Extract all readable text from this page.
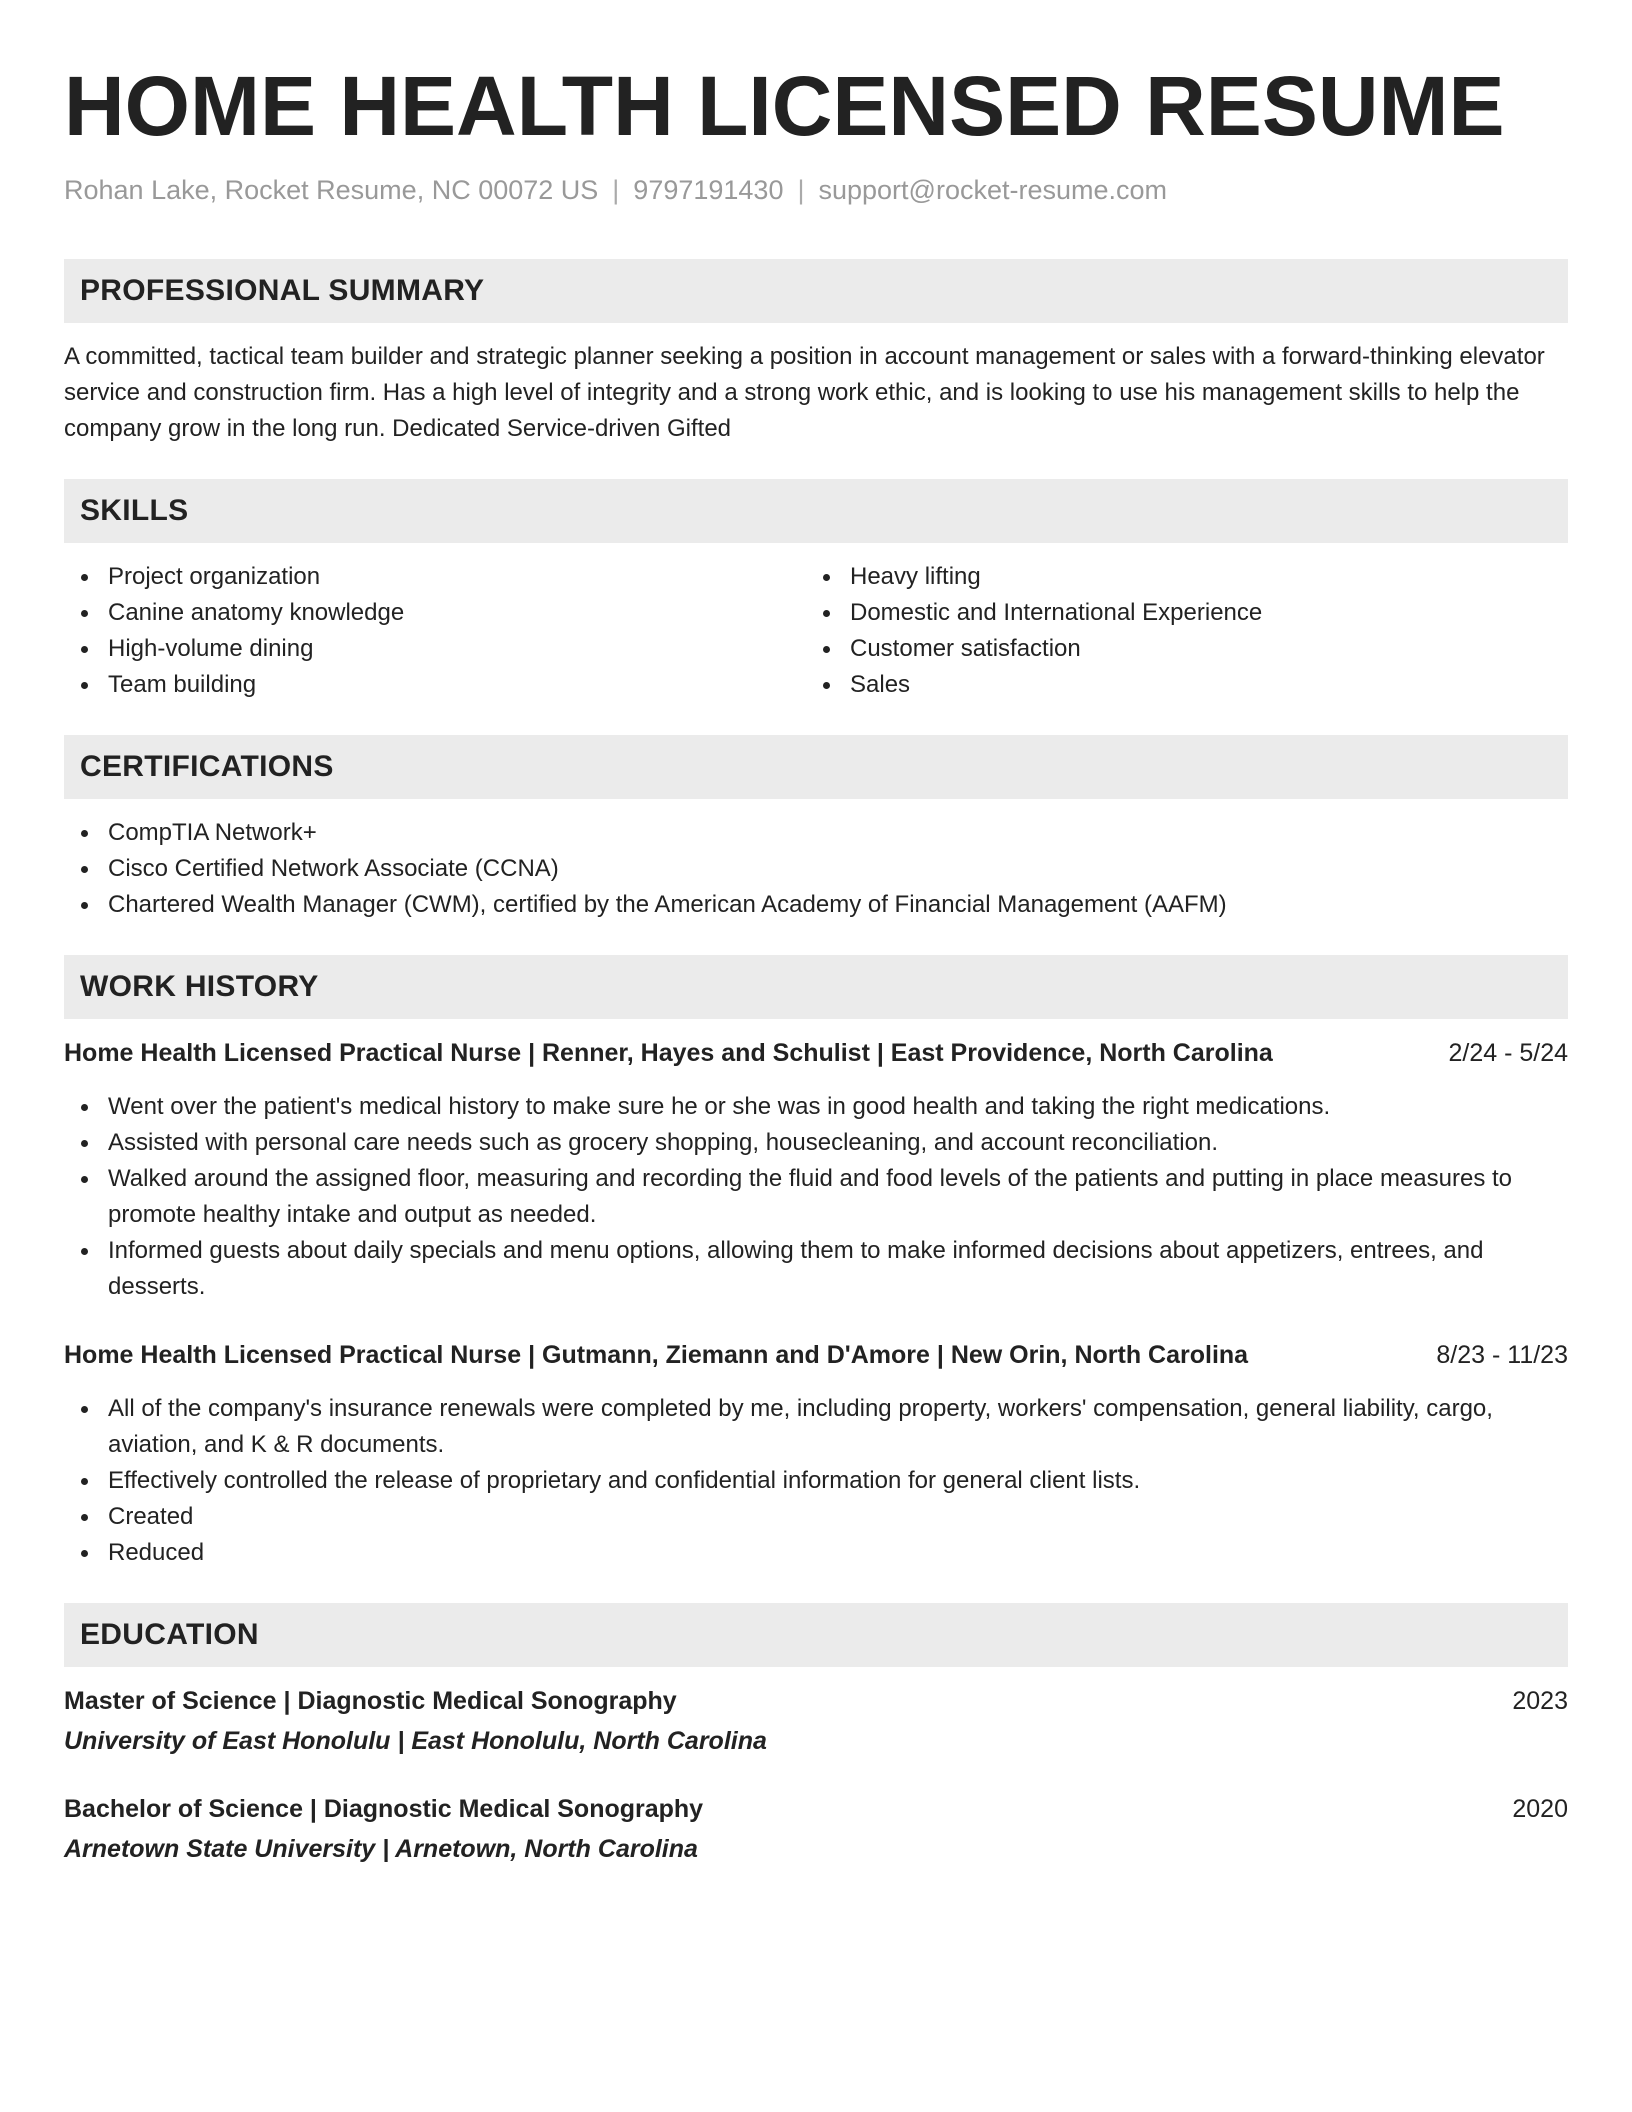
HOME HEALTH LICENSED RESUME
Rohan Lake, Rocket Resume, NC 00072 US | 9797191430 | support@rocket-resume.com
PROFESSIONAL SUMMARY

A committed, tactical team builder and strategic planner seeking a position in account management or sales with a forward-thinking elevator service and construction firm. Has a high level of integrity and a strong work ethic, and is looking to use his management skills to help the company grow in the long run. Dedicated Service-driven Gifted

SKILLS
Project organization
Canine anatomy knowledge
High-volume dining
Team building
Heavy lifting
Domestic and International Experience
Customer satisfaction
Sales
CERTIFICATIONS
CompTIA Network+
Cisco Certified Network Associate (CCNA)
Chartered Wealth Manager (CWM), certified by the American Academy of Financial Management (AAFM)
WORK HISTORY
Home Health Licensed Practical Nurse | Renner, Hayes and Schulist | East Providence, North Carolina	2/24 - 5/24
Went over the patient's medical history to make sure he or she was in good health and taking the right medications.
Assisted with personal care needs such as grocery shopping, housecleaning, and account reconciliation.
Walked around the assigned floor, measuring and recording the fluid and food levels of the patients and putting in place measures to promote healthy intake and output as needed.
Informed guests about daily specials and menu options, allowing them to make informed decisions about appetizers, entrees, and desserts.
Home Health Licensed Practical Nurse | Gutmann, Ziemann and D'Amore | New Orin, North Carolina	8/23 - 11/23
All of the company's insurance renewals were completed by me, including property, workers' compensation, general liability, cargo, aviation, and K & R documents.
Effectively controlled the release of proprietary and confidential information for general client lists.
Created
Reduced
EDUCATION
Master of Science | Diagnostic Medical Sonography	2023
University of East Honolulu | East Honolulu, North Carolina
Bachelor of Science | Diagnostic Medical Sonography	2020
Arnetown State University | Arnetown, North Carolina
